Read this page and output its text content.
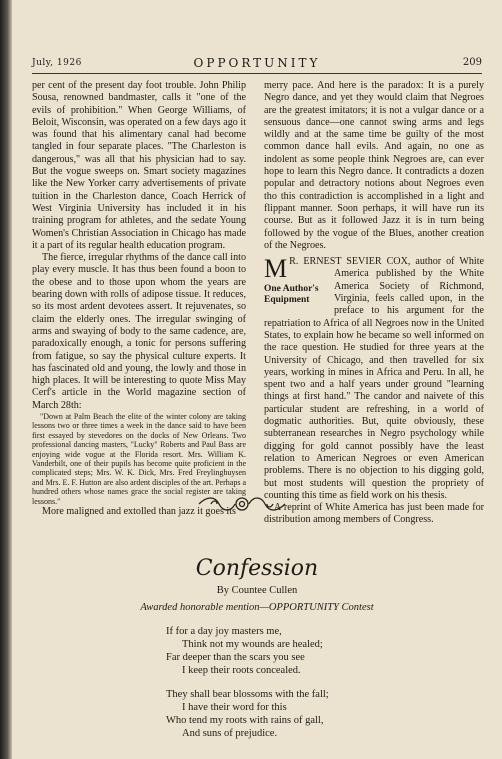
July, 1926	OPPORTUNITY	209

per cent of the present day foot trouble. John Philip Sousa, renowned bandmaster, calls it "one of the evils of prohibition." When George Williams, of Beloit, Wisconsin, was operated on a few days ago it was found that his alimentary canal had become tangled in four separate places. "The Charleston is dangerous," was all that his physician had to say. But the vogue sweeps on. Smart society magazines like the New Yorker carry advertisements of private tuition in the Charleston dance, Coach Herrick of West Virginia University has included it in his training program for athletes, and the sedate Young Women's Christian Association in Chicago has made it a part of its regular health education program.

The fierce, irregular rhythms of the dance call into play every muscle. It has thus been found a boon to the obese and to those upon whom the years are bearing down with rolls of adipose tissue. It reduces, so its most ardent devotees assert. It rejuvenates, so claim the elderly ones. The irregular swinging of arms and swaying of body to the same cadence, are, paradoxically enough, a tonic for persons suffering from fatigue, so say the physical culture experts. It has fascinated old and young, the lowly and those in high places. It will be interesting to quote Miss May Cerf's article in the World magazine section of March 28th:

"Down at Palm Beach the elite of the winter colony are taking lessons two or three times a week in the dance said to have been first essayed by stevedores on the docks of New Orleans. Two professional dancing masters, "Lucky" Roberts and Paul Bass are enjoying wide vogue at the Florida resort. Mrs. William K. Vanderbilt, one of their pupils has become quite proficient in the complicated steps; Mrs. W. K. Dick, Mrs. Fred Freylinghuysen and Mrs. E. F. Hutton are also ardent disciples of the art. Perhaps a hundred others whose names grace the social register are taking lessons."

More maligned and extolled than jazz it goes its

merry pace. And here is the paradox: It is a purely Negro dance, and yet they would claim that Negroes are the greatest imitators; it is not a vulgar dance or a sensuous dance—one cannot swing arms and legs wildly and at the same time be guilty of the most common dance hall evils. And again, no one as indolent as some people think Negroes are, can ever hope to learn this Negro dance. It contradicts a dozen popular and detractory notions about Negroes even tho this contradiction is accomplished in a light and flippant manner. Soon perhaps, it will have run its course. But as it followed Jazz it is in turn being followed by the vogue of the Blues, another creation of the Negroes.

M
One Author's Equipment
R. ERNEST SEVIER COX, author of White America published by the White America Society of Richmond, Virginia, feels called upon, in the preface to his argument for the repatriation to Africa of all Negroes now in the United States, to explain how he became so well informed on the race question. He studied for three years at the University of Chicago, and then travelled for six years, working in mines in Africa and Peru. In all, he spent two and a half years under ground "learning things at first hand." The candor and naivete of this particular student are refreshing, in a world of dogmatic authorities. But, quite obviously, these subterranean researches in Negro psychology while digging for gold cannot possibly have the least relation to American Negroes or even American problems. There is no objection to his digging gold, but most students will question the propriety of counting this time as field work on his thesis.

A reprint of White America has just been made for distribution among members of Congress.

Confession
By Countee Cullen
Awarded honorable mention—OPPORTUNITY Contest
If for a day joy masters me,
Think not my wounds are healed;
Far deeper than the scars you see
I keep their roots concealed.
They shall bear blossoms with the fall;
I have their word for this
Who tend my roots with rains of gall,
And suns of prejudice.
